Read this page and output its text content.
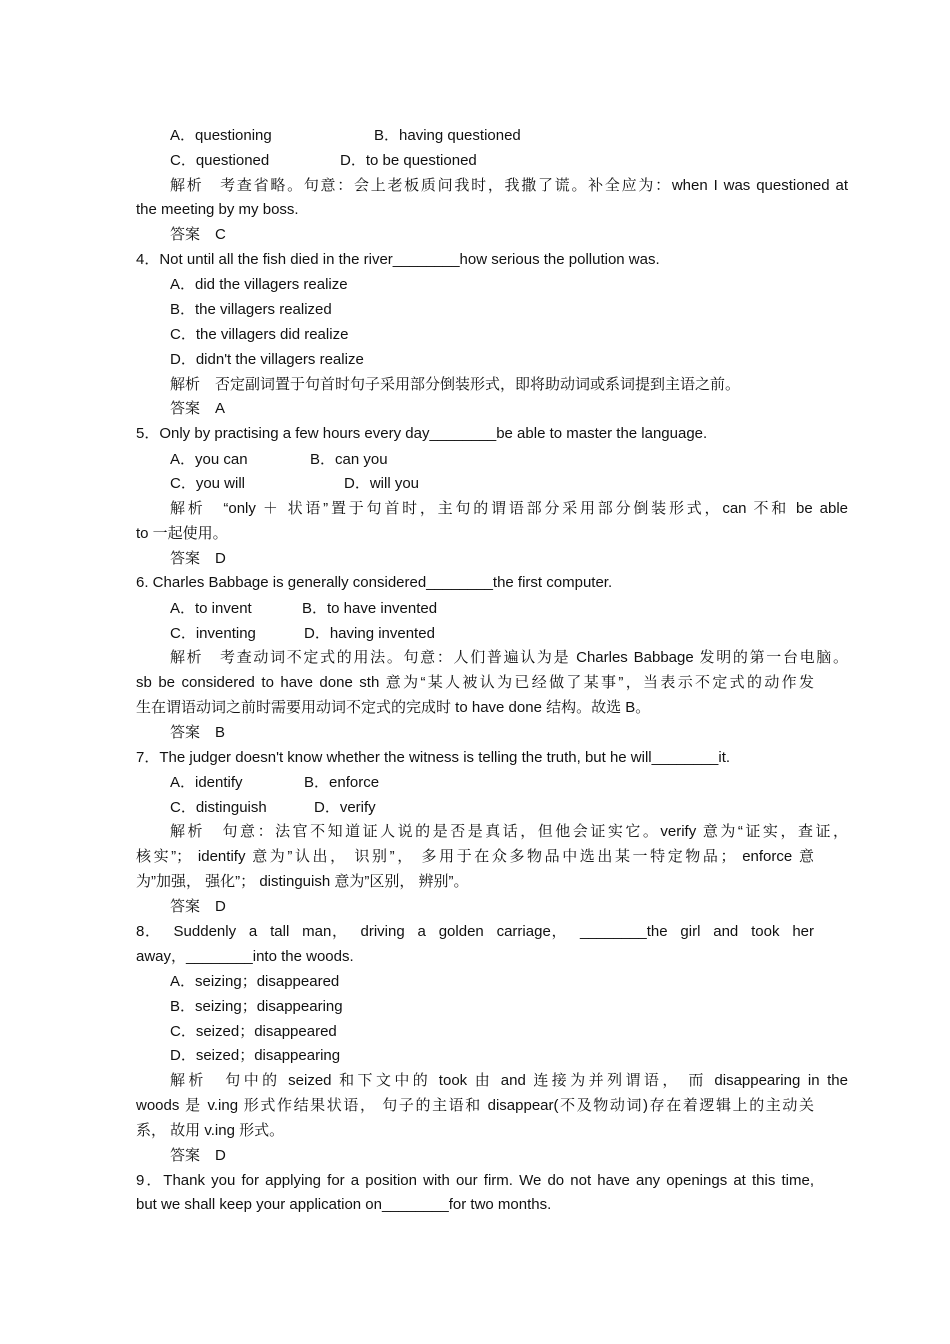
A．questioning	B．having questioned
C．questioned	D．to be questioned
解析　考查省略。句意：会上老板质问我时，我撒了谎。补全应为：when I was questioned at
the meeting by my boss.
答案　C
4．Not until all the fish died in the river________how serious the pollution was.
A．did the villagers realize
B．the villagers realized
C．the villagers did realize
D．didn't the villagers realize
解析　否定副词置于句首时句子采用部分倒装形式，即将助动词或系词提到主语之前。
答案　A
5．Only by practising a few hours every day________be able to master the language.
A．you can	B．can you
C．you will	D．will you
解析　“only ＋ 状语”置于句首时，主句的谓语部分采用部分倒装形式，can 不和 be able
to 一起使用。
答案　D
6. Charles Babbage is generally considered________the first computer.
A．to invent	B．to have invented
C．inventing	D．having invented
解析　考查动词不定式的用法。句意：人们普遍认为是 Charles Babbage 发明的第一台电脑。
sb be considered to have done sth 意为“某人被认为已经做了某事”，当表示不定式的动作发
生在谓语动词之前时需要用动词不定式的完成时 to have done 结构。故选 B。
答案　B
7．The judger doesn't know whether the witness is telling the truth, but he will________it.
A．identify	B．enforce
C．distinguish	D．verify
解析　句意：法官不知道证人说的是否是真话，但他会证实它。verify 意为“证实，查证，
核实”； identify 意为”认出， 识别”， 多用于在众多物品中选出某一特定物品； enforce 意
为”加强， 强化”； distinguish 意为”区别， 辨别”。
答案　D
8． Suddenly a tall man， driving a golden carriage， ________the girl and took her
away，________into the woods.
A．seizing；disappeared
B．seizing；disappearing
C．seized；disappeared
D．seized；disappearing
解析　句中的 seized 和下文中的 took 由 and 连接为并列谓语， 而 disappearing in the
woods 是 v.ing 形式作结果状语， 句子的主语和 disappear(不及物动词)存在着逻辑上的主动关
系， 故用 v.ing 形式。
答案　D
9．Thank you for applying for a position with our firm. We do not have any openings at this time,
but we shall keep your application on________for two months.
